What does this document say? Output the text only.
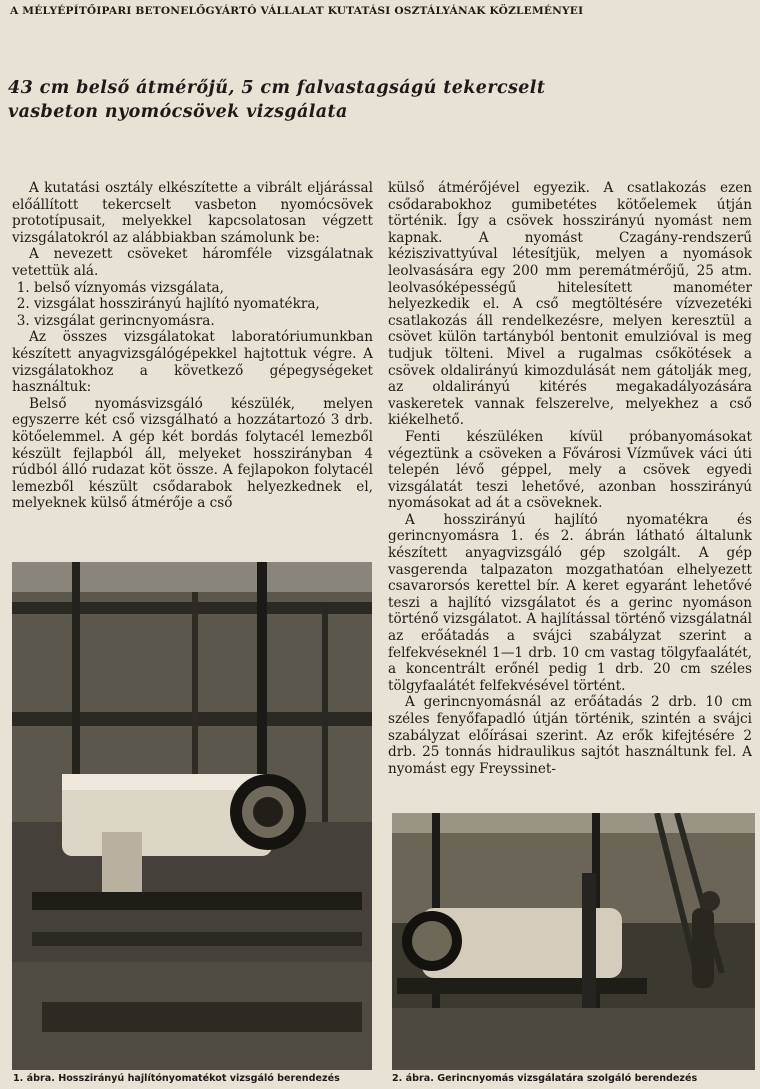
A MÉLYÉPÍTŐIPARI BETONELŐGYÁRTÓ VÁLLALAT KUTATÁSI OSZTÁLYÁNAK KÖZLEMÉNYEI
43 cm belső átmérőjű, 5 cm falvastagságú tekercselt
vasbeton nyomócsövek vizsgálata

A kutatási osztály elkészítette a vibrált eljárással előállított tekercselt vasbeton nyomócsövek prototípusait, melyekkel kapcsolatosan végzett vizsgálatokról az alábbiakban számolunk be:

A nevezett csöveket háromféle vizsgálatnak vetettük alá.

1. belső víznyomás vizsgálata,
2. vizsgálat hosszirányú hajlító nyomatékra,
3. vizsgálat gerincnyomásra.

Az összes vizsgálatokat laboratóriumunkban készített anyagvizsgálógépekkel hajtottuk végre. A vizsgálatokhoz a következő gépegységeket használtuk:

Belső nyomásvizsgáló készülék, melyen egyszerre két cső vizsgálható a hozzátartozó 3 drb. kötőelemmel. A gép két bordás folytacél lemezből készült fejlapból áll, melyeket hosszirányban 4 rúdból álló rudazat köt össze. A fejlapokon folytacél lemezből készült csődarabok helyezkednek el, melyeknek külső átmérője a cső

külső átmérőjével egyezik. A csatlakozás ezen csődarabokhoz gumibetétes kötőelemek útján történik. Így a csövek hosszirányú nyomást nem kapnak. A nyomást Czagány-rendszerű kéziszivattyúval létesítjük, melyen a nyomások leolvasására egy 200 mm peremátmérőjű, 25 atm. leolvasóképességű hitelesített manométer helyezkedik el. A cső megtöltésére vízvezetéki csatlakozás áll rendelkezésre, melyen keresztül a csövet külön tartányból bentonit emulzióval is meg tudjuk tölteni. Mivel a rugalmas csőkötések a csövek oldalirányú kimozdulását nem gátolják meg, az oldalirányú kitérés megakadályozására vaskeretek vannak felszerelve, melyekhez a cső kiékelhető.

Fenti készüléken kívül próbanyomásokat végeztünk a csöveken a Fővárosi Vízművek váci úti telepén lévő géppel, mely a csövek egyedi vizsgálatát teszi lehetővé, azonban hosszirányú nyomásokat ad át a csöveknek.

A hosszirányú hajlító nyomatékra és gerincnyomásra 1. és 2. ábrán látható általunk készített anyagvizsgáló gép szolgált. A gép vasgerenda talpazaton mozgathatóan elhelyezett csavarorsós kerettel bír. A keret egyaránt lehetővé teszi a hajlító vizsgálatot és a gerinc nyomáson történő vizsgálatot. A hajlítással történő vizsgálatnál az erőátadás a svájci szabályzat szerint a felfekvéseknél 1—1 drb. 10 cm vastag tölgyfaalátét, a koncentrált erőnél pedig 1 drb. 20 cm széles tölgyfaalátét felfekvésével történt.

A gerincnyomásnál az erőátadás 2 drb. 10 cm széles fenyőfapadló útján történik, szintén a svájci szabályzat előírásai szerint. Az erők kifejtésére 2 drb. 25 tonnás hidraulikus sajtót használtunk fel. A nyomást egy Freyssinet-

1. ábra. Hosszirányú hajlítónyomatékot vizsgáló berendezés	2. ábra. Gerincnyomás vizsgálatára szolgáló berendezés
